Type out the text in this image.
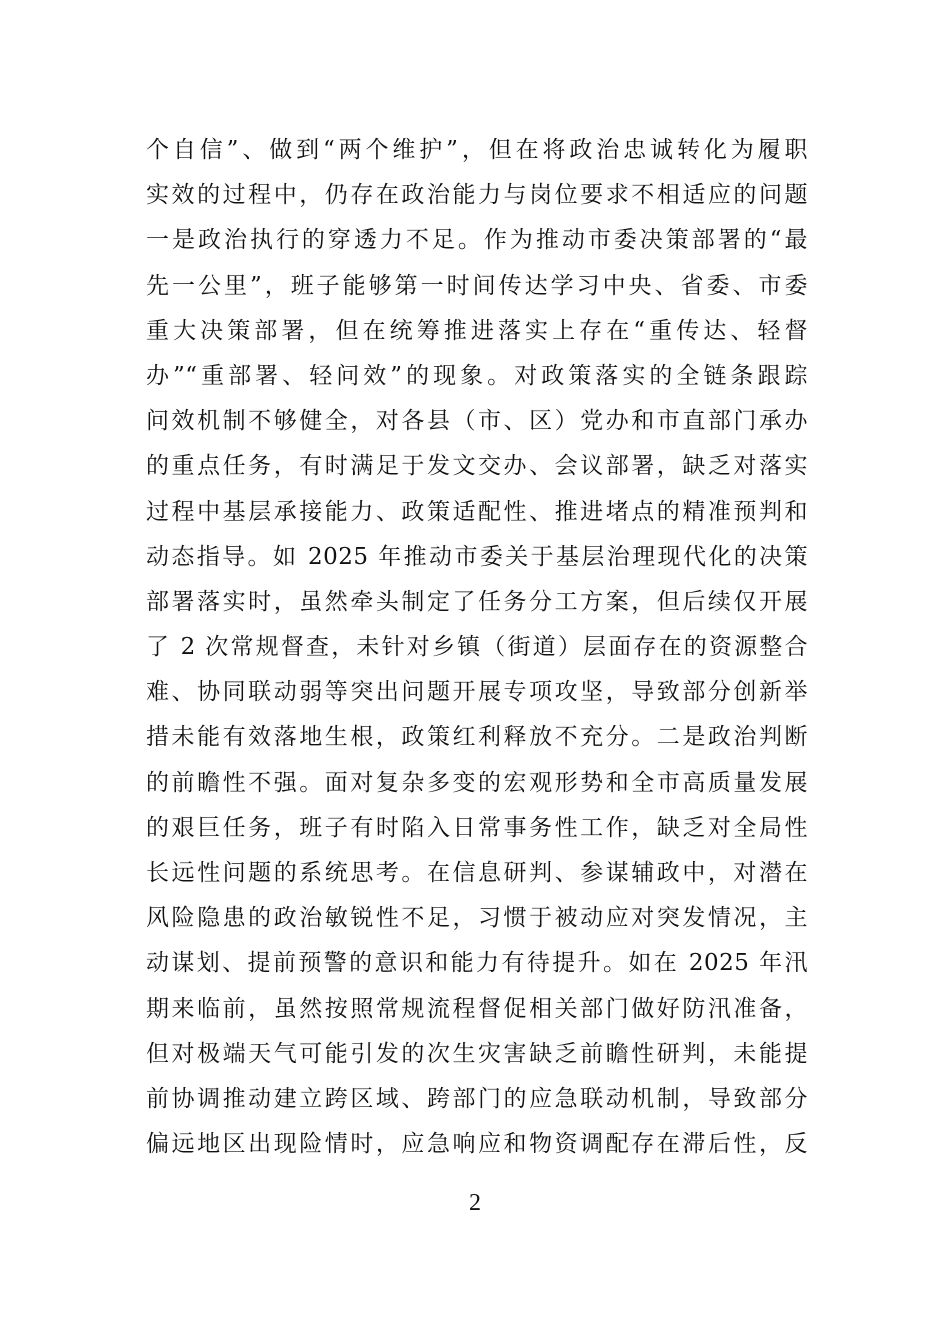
个自信”、做到“两个维护”，但在将政治忠诚转化为履职
实效的过程中，仍存在政治能力与岗位要求不相适应的问题
一是政治执行的穿透力不足。作为推动市委决策部署的“最
先一公里”，班子能够第一时间传达学习中央、省委、市委
重大决策部署，但在统筹推进落实上存在“重传达、轻督
办”“重部署、轻问效”的现象。对政策落实的全链条跟踪
问效机制不够健全，对各县（市、区）党办和市直部门承办
的重点任务，有时满足于发文交办、会议部署，缺乏对落实
过程中基层承接能力、政策适配性、推进堵点的精准预判和
动态指导。如 2025 年推动市委关于基层治理现代化的决策
部署落实时，虽然牵头制定了任务分工方案，但后续仅开展
了 2 次常规督查，未针对乡镇（街道）层面存在的资源整合
难、协同联动弱等突出问题开展专项攻坚，导致部分创新举
措未能有效落地生根，政策红利释放不充分。二是政治判断
的前瞻性不强。面对复杂多变的宏观形势和全市高质量发展
的艰巨任务，班子有时陷入日常事务性工作，缺乏对全局性
长远性问题的系统思考。在信息研判、参谋辅政中，对潜在
风险隐患的政治敏锐性不足，习惯于被动应对突发情况，主
动谋划、提前预警的意识和能力有待提升。如在 2025 年汛
期来临前，虽然按照常规流程督促相关部门做好防汛准备，
但对极端天气可能引发的次生灾害缺乏前瞻性研判，未能提
前协调推动建立跨区域、跨部门的应急联动机制，导致部分
偏远地区出现险情时，应急响应和物资调配存在滞后性，反
2
